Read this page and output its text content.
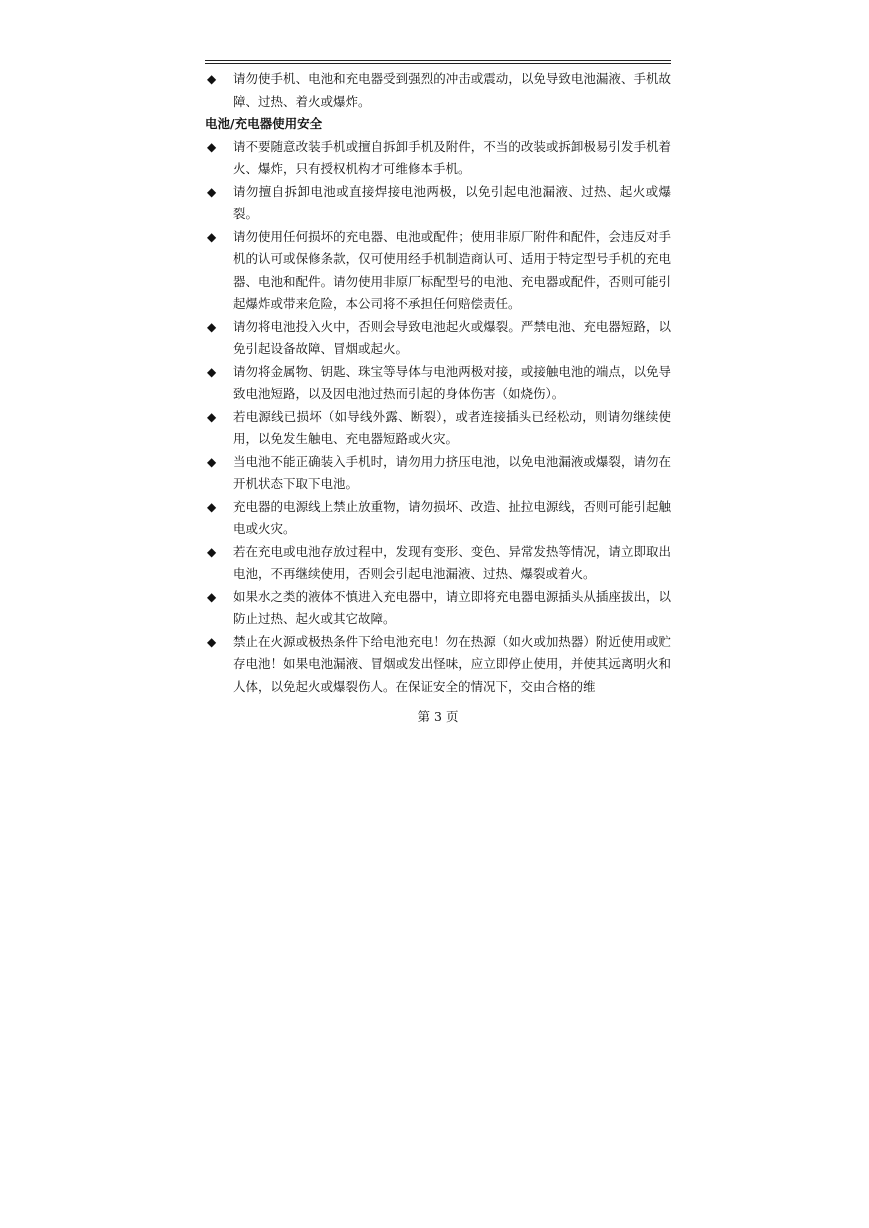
◆ 请勿使手机、电池和充电器受到强烈的冲击或震动，以免导致电池漏液、手机故障、过热、着火或爆炸。

电池/充电器使用安全

◆ 请不要随意改装手机或擅自拆卸手机及附件，不当的改装或拆卸极易引发手机着火、爆炸，只有授权机构才可维修本手机。

◆ 请勿擅自拆卸电池或直接焊接电池两极，以免引起电池漏液、过热、起火或爆裂。

◆ 请勿使用任何损坏的充电器、电池或配件；使用非原厂附件和配件，会违反对手机的认可或保修条款，仅可使用经手机制造商认可、适用于特定型号手机的充电器、电池和配件。请勿使用非原厂标配型号的电池、充电器或配件，否则可能引起爆炸或带来危险，本公司将不承担任何赔偿责任。

◆ 请勿将电池投入火中，否则会导致电池起火或爆裂。严禁电池、充电器短路，以免引起设备故障、冒烟或起火。

◆ 请勿将金属物、钥匙、珠宝等导体与电池两极对接，或接触电池的端点，以免导致电池短路，以及因电池过热而引起的身体伤害（如烧伤）。

◆ 若电源线已损坏（如导线外露、断裂），或者连接插头已经松动，则请勿继续使用，以免发生触电、充电器短路或火灾。

◆ 当电池不能正确装入手机时，请勿用力挤压电池，以免电池漏液或爆裂，请勿在开机状态下取下电池。

◆ 充电器的电源线上禁止放重物，请勿损坏、改造、扯拉电源线，否则可能引起触电或火灾。

◆ 若在充电或电池存放过程中，发现有变形、变色、异常发热等情况，请立即取出电池，不再继续使用，否则会引起电池漏液、过热、爆裂或着火。

◆ 如果水之类的液体不慎进入充电器中，请立即将充电器电源插头从插座拔出，以防止过热、起火或其它故障。

◆ 禁止在火源或极热条件下给电池充电！勿在热源（如火或加热器）附近使用或贮存电池！如果电池漏液、冒烟或发出怪味，应立即停止使用，并使其远离明火和人体，以免起火或爆裂伤人。在保证安全的情况下，交由合格的维

第 3 页
